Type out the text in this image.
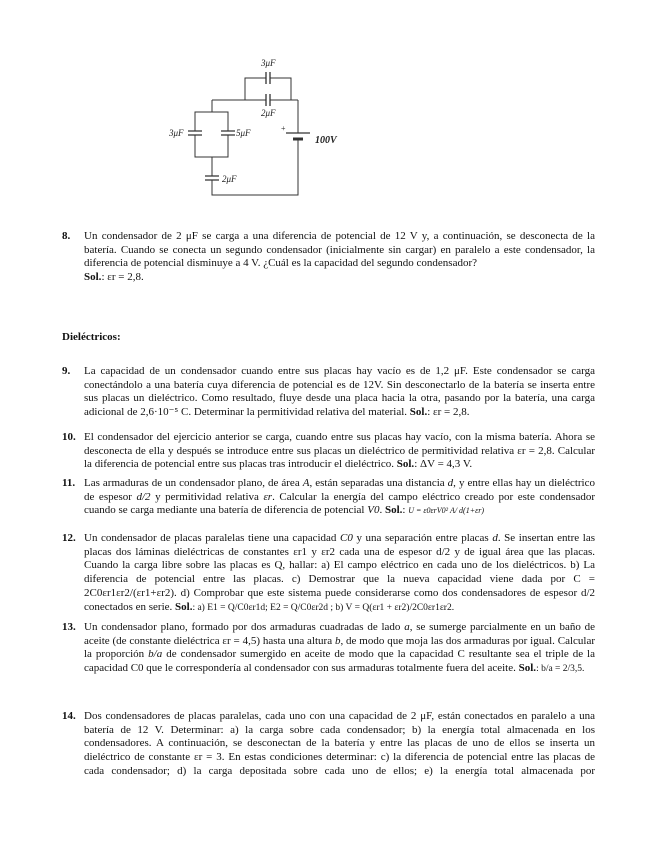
3μF
2μF
3μF	5μF
2μF
100V
+
8. Un condensador de 2 μF se carga a una diferencia de potencial de 12 V y, a continuación, se desconecta de la batería. Cuando se conecta un segundo condensador (inicialmente sin cargar) en paralelo a este condensador, la diferencia de potencial disminuye a 4 V. ¿Cuál es la capacidad del segundo condensador?
Sol.: εr = 2,8.
Dieléctricos:
9. La capacidad de un condensador cuando entre sus placas hay vacío es de 1,2 μF. Este condensador se carga conectándolo a una batería cuya diferencia de potencial es de 12V. Sin desconectarlo de la batería se inserta entre sus placas un dieléctrico. Como resultado, fluye desde una placa hacia la otra, pasando por la batería, una carga adicional de 2,6·10⁻⁵ C. Determinar la permitividad relativa del material. Sol.: εr = 2,8.
10. El condensador del ejercicio anterior se carga, cuando entre sus placas hay vacío, con la misma batería. Ahora se desconecta de ella y después se introduce entre sus placas un dieléctrico de permitividad relativa εr = 2,8. Calcular la diferencia de potencial entre sus placas tras introducir el dieléctrico. Sol.: ΔV = 4,3 V.
11. Las armaduras de un condensador plano, de área A, están separadas una distancia d, y entre ellas hay un dieléctrico de espesor d/2 y permitividad relativa εr. Calcular la energía del campo eléctrico creado por este condensador cuando se carga mediante una batería de diferencia de potencial V0. Sol.: U = ε0εrV0² A/ d(1+εr)
12. Un condensador de placas paralelas tiene una capacidad C0 y una separación entre placas d. Se insertan entre las placas dos láminas dieléctricas de constantes εr1 y εr2 cada una de espesor d/2 y de igual área que las placas. Cuando la carga libre sobre las placas es Q, hallar: a) El campo eléctrico en cada uno de los dieléctricos. b) La diferencia de potencial entre las placas. c) Demostrar que la nueva capacidad viene dada por C = 2C0εr1εr2/(εr1+εr2). d) Comprobar que este sistema puede considerarse como dos condensadores de espesor d/2 conectados en serie. Sol.: a) E1 = Q/C0εr1d; E2 = Q/C0εr2d ; b) V = Q(εr1 + εr2)/2C0εr1εr2.
13. Un condensador plano, formado por dos armaduras cuadradas de lado a, se sumerge parcialmente en un baño de aceite (de constante dieléctrica εr = 4,5) hasta una altura b, de modo que moja las dos armaduras por igual. Calcular la proporción b/a de condensador sumergido en aceite de modo que la capacidad C resultante sea el triple de la capacidad C0 que le correspondería al condensador con sus armaduras totalmente fuera del aceite. Sol.: b/a = 2/3,5.
14. Dos condensadores de placas paralelas, cada uno con una capacidad de 2 μF, están conectados en paralelo a una batería de 12 V. Determinar: a) la carga sobre cada condensador; b) la energía total almacenada en los condensadores. A continuación, se desconectan de la batería y entre las placas de uno de ellos se inserta un dieléctrico de constante εr = 3. En estas condiciones determinar: c) la diferencia de potencial entre las placas de cada condensador; d) la carga depositada sobre cada uno de ellos; e) la energía total almacenada por
